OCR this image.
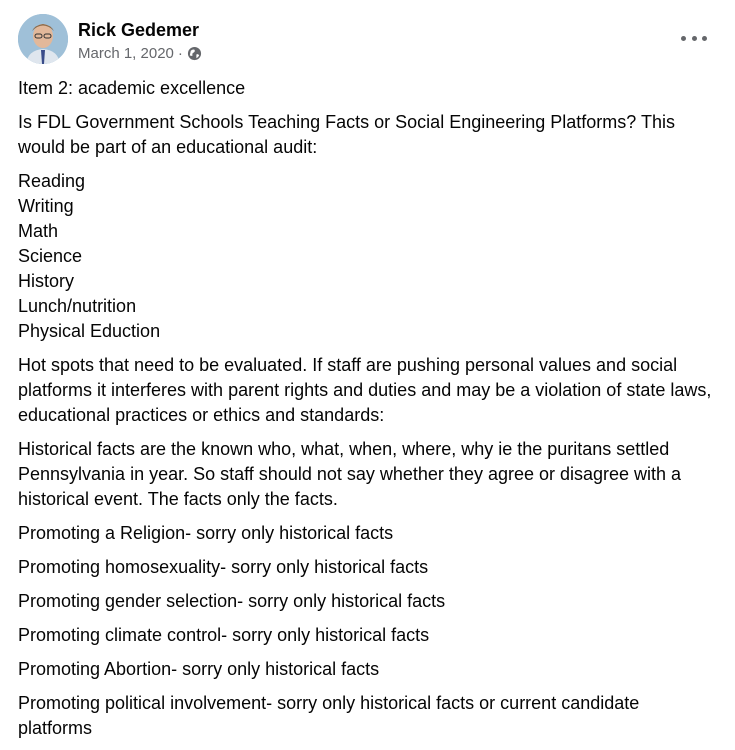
Rick Gedemer
March 1, 2020 ·

Item 2: academic excellence

Is FDL Government Schools Teaching Facts or Social Engineering Platforms? This would be part of an educational audit:

Reading
Writing
Math
Science
History
Lunch/nutrition
Physical Eduction

Hot spots that need to be evaluated. If staff are pushing personal values and social platforms it interferes with parent rights and duties and may be a violation of state laws, educational practices or ethics and standards:

Historical facts are the known who, what, when, where, why ie the puritans settled Pennsylvania in year. So staff should not say whether they agree or disagree with a historical event. The facts only the facts.

Promoting a Religion- sorry only historical facts

Promoting homosexuality- sorry only historical facts

Promoting gender selection- sorry only historical facts

Promoting climate control- sorry only historical facts

Promoting Abortion- sorry only historical facts

Promoting political involvement- sorry only historical facts or current candidate platforms
